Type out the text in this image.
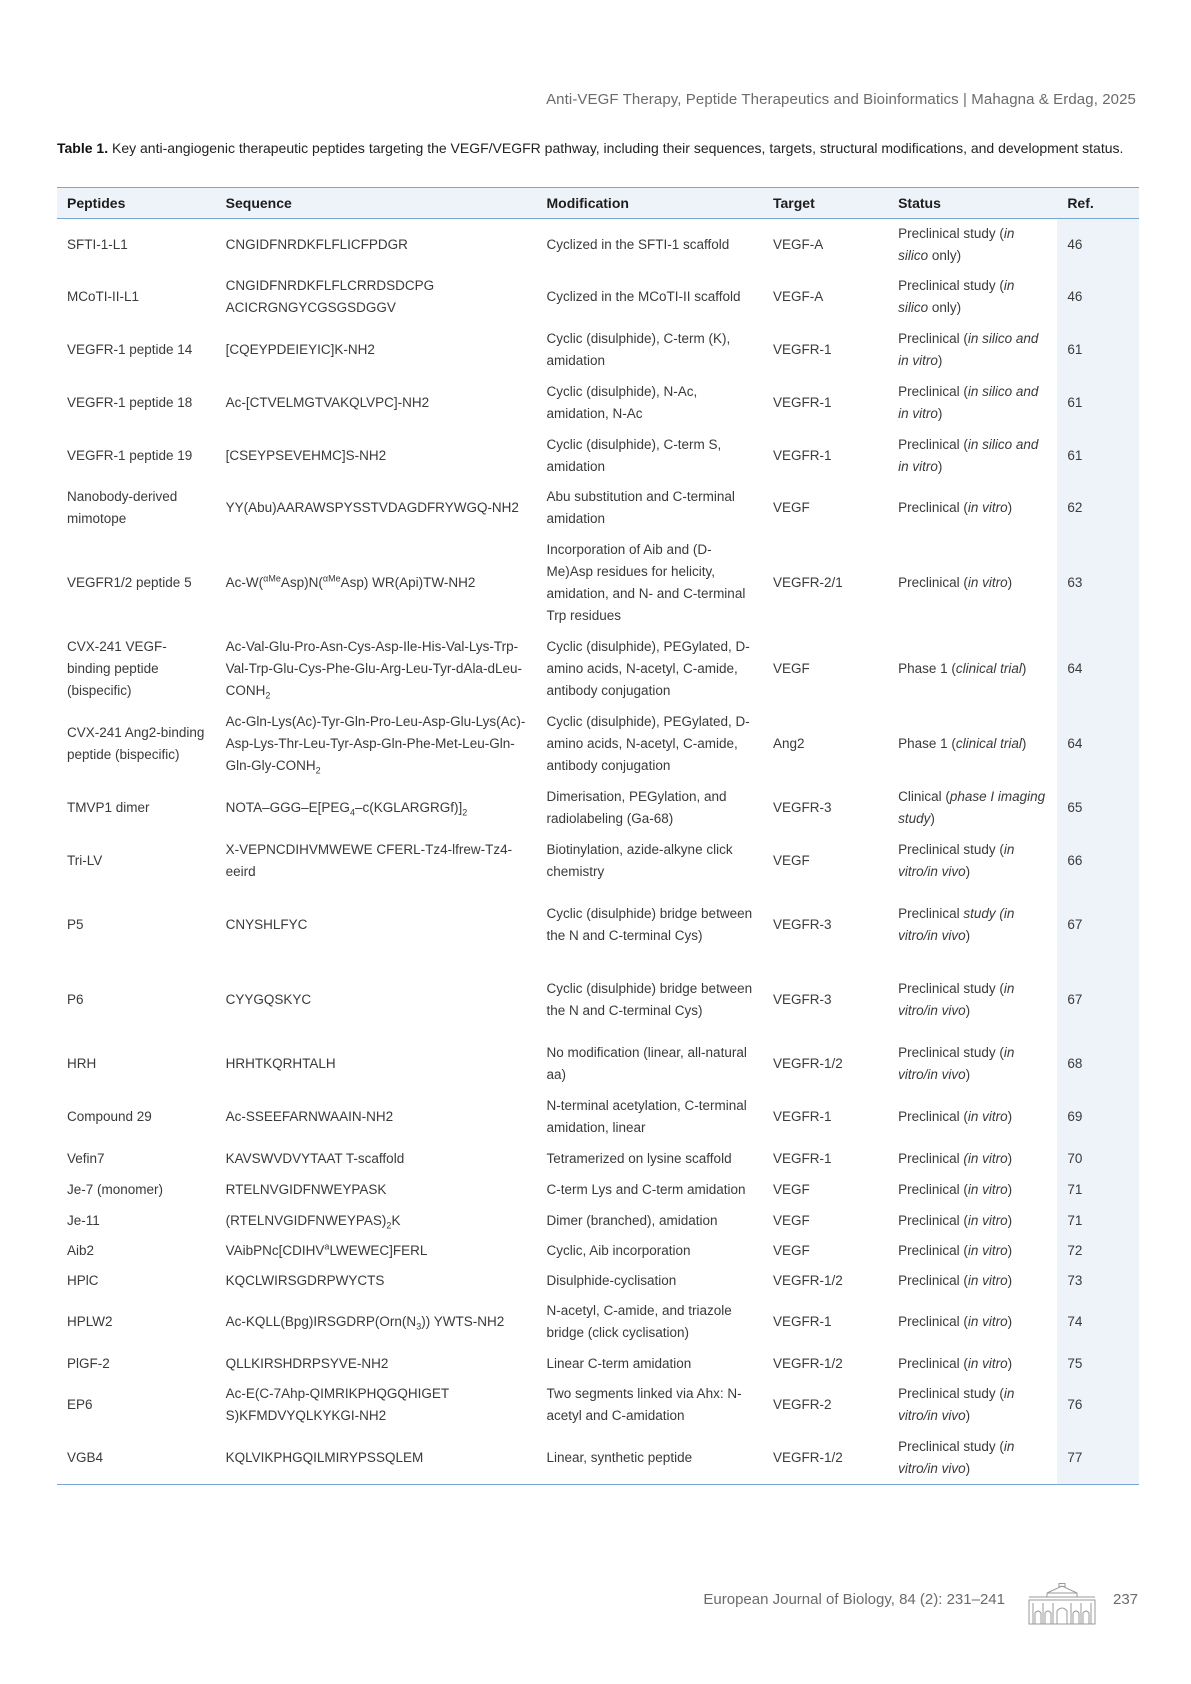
Anti-VEGF Therapy, Peptide Therapeutics and Bioinformatics | Mahagna & Erdag, 2025
Table 1. Key anti-angiogenic therapeutic peptides targeting the VEGF/VEGFR pathway, including their sequences, targets, structural modifications, and development status.
Peptides	Sequence	Modification	Target	Status	Ref.
SFTI-1-L1	CNGIDFNRDKFLFLICFPDGR	Cyclized in the SFTI-1 scaffold	VEGF-A	Preclinical study (in silico only)	46
MCoTI-II-L1	CNGIDFNRDKFLFLCRRDSDCPG ACICRGNGYCGSGSDGGV	Cyclized in the MCoTI-II scaffold	VEGF-A	Preclinical study (in silico only)	46
VEGFR-1 peptide 14	[CQEYPDEIEYIC]K-NH2	Cyclic (disulphide), C-term (K), amidation	VEGFR-1	Preclinical (in silico and in vitro)	61
VEGFR-1 peptide 18	Ac-[CTVELMGTVAKQLVPC]-NH2	Cyclic (disulphide), N-Ac, amidation, N-Ac	VEGFR-1	Preclinical (in silico and in vitro)	61
VEGFR-1 peptide 19	[CSEYPSEVEHMC]S-NH2	Cyclic (disulphide), C-term S, amidation	VEGFR-1	Preclinical (in silico and in vitro)	61
Nanobody-derived mimotope	YY(Abu)AARAWSPYSSTVDAGDFRYWGQ-NH2	Abu substitution and C-terminal amidation	VEGF	Preclinical (in vitro)	62
VEGFR1/2 peptide 5	Ac-W($^{\alpha Me}$Asp)N($^{\alpha Me}$Asp) WR(Api)TW-NH2	Incorporation of Aib and (D-Me)Asp residues for helicity, amidation, and N- and C-terminal Trp residues	VEGFR-2/1	Preclinical (in vitro)	63
CVX-241 VEGF-binding peptide (bispecific)	$Ac-Val-Glu-Pro-Asn-Cys-Asp-Ile-His-Val-Lys-Trp-Val-Trp-Glu-Cys-Phe-Glu-Arg-Leu-Tyr-dAla-dLeu-CONH_2$	Cyclic (disulphide), PEGylated, D-amino acids, N-acetyl, C-amide, antibody conjugation	VEGF	Phase 1 (clinical trial)	64
CVX-241 Ang2-binding peptide (bispecific)	$Ac-Gln-Lys(Ac)-Tyr-Gln-Pro-Leu-Asp-Glu-Lys(Ac)-Asp-Lys-Thr-Leu-Tyr-Asp-Gln-Phe-Met-Leu-Gln-Gln-Gly-CONH_2$	Cyclic (disulphide), PEGylated, D-amino acids, N-acetyl, C-amide, antibody conjugation	Ang2	Phase 1 (clinical trial)	64
TMVP1 dimer	NOTA–$GGG-E[PEG_4-c(KGLARGRGf)]_2$	Dimerisation, PEGylation, and radiolabeling (Ga-68)	VEGFR-3	Clinical (phase I imaging study)	65
Tri-LV	X-VEPNCDIHVMWEWE CFERL-Tz4-lfrew-Tz4-eeird	Biotinylation, azide-alkyne click chemistry	VEGF	Preclinical study (in vitro/in vivo)	66
P5	CNYSHLFYC	Cyclic (disulphide) bridge between the N and C-terminal Cys)	VEGFR-3	Preclinical study (in vitro/in vivo)	67
P6	CYYGQSKYC	Cyclic (disulphide) bridge between the N and C-terminal Cys)	VEGFR-3	Preclinical study (in vitro/in vivo)	67
HRH	HRHTKQRHTALH	No modification (linear, all-natural aa)	VEGFR-1/2	Preclinical study (in vitro/in vivo)	68
Compound 29	Ac-SSEEFARNWAAIN-NH2	N-terminal acetylation, C-terminal amidation, linear	VEGFR-1	Preclinical (in vitro)	69
Vefin7	KAVSWVDVYTAAT T-scaffold	Tetramerized on lysine scaffold	VEGFR-1	Preclinical (in vitro)	70
Je-7 (monomer)	RTELNVGIDFNWEYPASK	C-term Lys and C-term amidation	VEGF	Preclinical (in vitro)	71
Je-11	$(RTELNVGIDFNWEYPAS)_2K$	Dimer (branched), amidation	VEGF	Preclinical (in vitro)	71
Aib2	VAibPNc[CDIHV$^a$LWEWEC]FERL	Cyclic, Aib incorporation	VEGF	Preclinical (in vitro)	72
HPlC	KQCLWIRSGDRPWYCTS	Disulphide-cyclisation	VEGFR-1/2	Preclinical (in vitro)	73
HPLW2	$Ac-KQLL(Bpg)IRSGDRP(Orn(N_3))$ YWTS-NH2	N-acetyl, C-amide, and triazole bridge (click cyclisation)	VEGFR-1	Preclinical (in vitro)	74
PlGF-2	QLLKIRSHDRPSYVE-NH2	Linear C-term amidation	VEGFR-1/2	Preclinical (in vitro)	75
EP6	Ac-E(C-7Ahp-QIMRIKPHQGQHIGET S)KFMDVYQLKYKGI-NH2	Two segments linked via Ahx: N-acetyl and C-amidation	VEGFR-2	Preclinical study (in vitro/in vivo)	76
VGB4	KQLVIKPHGQILMIRYPSSQLEM	Linear, synthetic peptide	VEGFR-1/2	Preclinical study (in vitro/in vivo)	77
European Journal of Biology, 84 (2): 231–241	237
